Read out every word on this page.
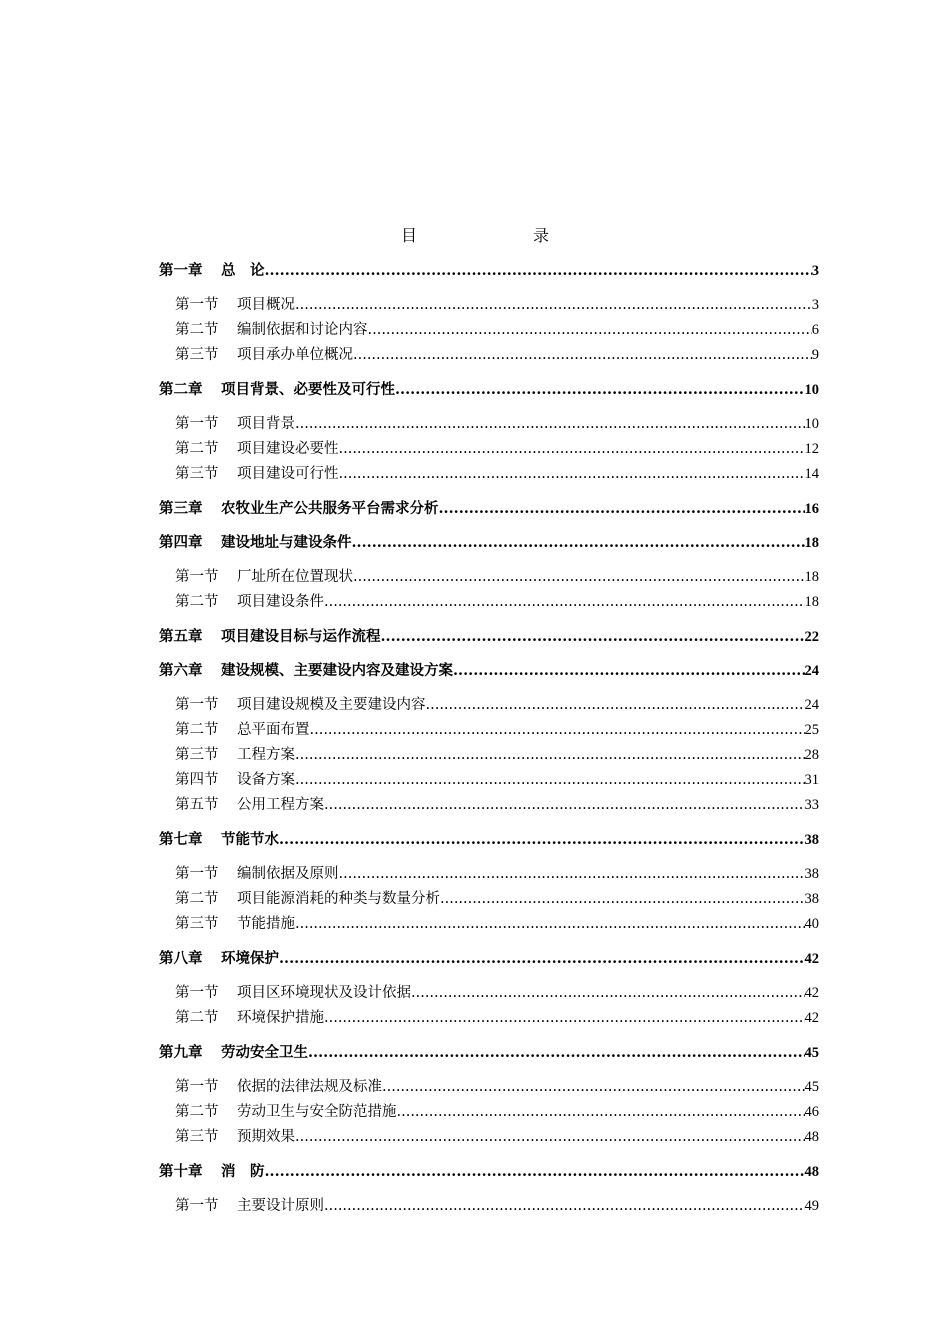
目　　录
第一章	总　论 .....	3
第一节	项目概况 .....	3
第二节	编制依据和讨论内容 .....	6
第三节	项目承办单位概况 .....	9
第二章	项目背景、必要性及可行性 .....	10
第一节	项目背景 .....	10
第二节	项目建设必要性 .....	12
第三节	项目建设可行性 .....	14
第三章	农牧业生产公共服务平台需求分析 .....	16
第四章	建设地址与建设条件 .....	18
第一节	厂址所在位置现状 .....	18
第二节	项目建设条件 .....	18
第五章	项目建设目标与运作流程 .....	22
第六章	建设规模、主要建设内容及建设方案 .....	24
第一节	项目建设规模及主要建设内容 .....	24
第二节	总平面布置 .....	25
第三节	工程方案 .....	28
第四节	设备方案 .....	31
第五节	公用工程方案 .....	33
第七章	节能节水 .....	38
第一节	编制依据及原则 .....	38
第二节	项目能源消耗的种类与数量分析 .....	38
第三节	节能措施 .....	40
第八章	环境保护 .....	42
第一节	项目区环境现状及设计依据 .....	42
第二节	环境保护措施 .....	42
第九章	劳动安全卫生 .....	45
第一节	依据的法律法规及标准 .....	45
第二节	劳动卫生与安全防范措施 .....	46
第三节	预期效果 .....	48
第十章	消　防 .....	48
第一节	主要设计原则 .....	49
